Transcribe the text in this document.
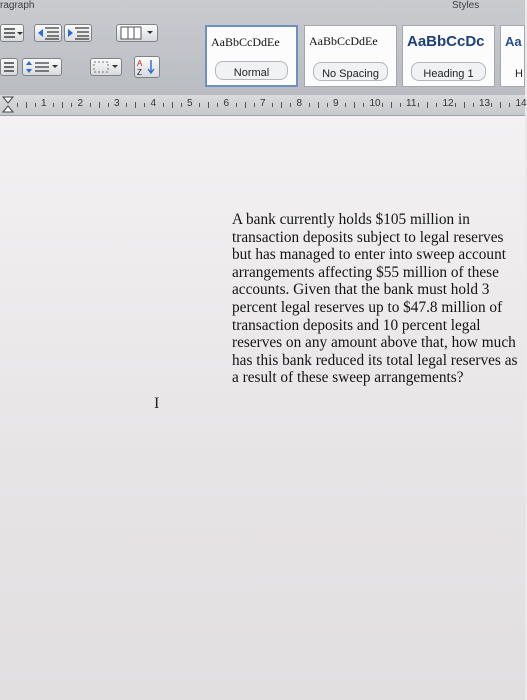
ragraph	Styles
A
Z
AaBbCcDdEe
Normal
AaBbCcDdEe
No Spacing
AaBbCcDc
Heading 1
Aa
H
1	2	3	4	5	6	7	8	9	10	11	12	13	14

A bank currently holds $105 million in transaction deposits subject to legal reserves but has managed to enter into sweep account arrangements affecting $55 million of these accounts. Given that the bank must hold 3 percent legal reserves up to $47.8 million of transaction deposits and 10 percent legal reserves on any amount above that, how much has this bank reduced its total legal reserves as a result of these sweep arrangements?

I
